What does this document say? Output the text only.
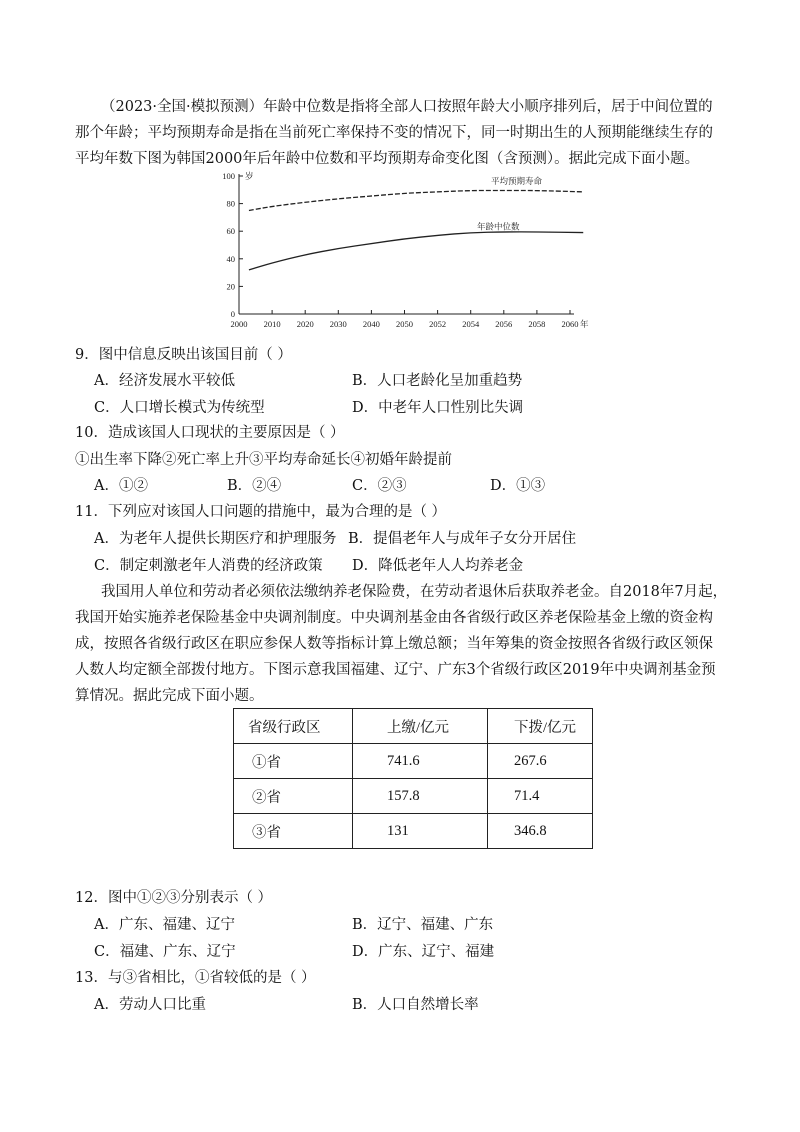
（2023·全国·模拟预测）年龄中位数是指将全部人口按照年龄大小顺序排列后，居于中间位置的
那个年龄；平均预期寿命是指在当前死亡率保持不变的情况下，同一时期出生的人预期能继续生存的
平均年数下图为韩国2000年后年龄中位数和平均预期寿命变化图（含预测）。据此完成下面小题。
0
20
40
60
80
100 岁
2000 2010 2020 2030 2040 2050 2052 2054 2056 2058 2060 年
平均预期寿命
年龄中位数
9．图中信息反映出该国目前（ ）
A．经济发展水平较低	B．人口老龄化呈加重趋势
C．人口增长模式为传统型	D．中老年人口性别比失调
10．造成该国人口现状的主要原因是（ ）
①出生率下降②死亡率上升③平均寿命延长④初婚年龄提前
A．①②	B．②④	C．②③	D．①③
11．下列应对该国人口问题的措施中，最为合理的是（ ）
A．为老年人提供长期医疗和护理服务 B．提倡老年人与成年子女分开居住
C．制定刺激老年人消费的经济政策 D．降低老年人人均养老金
我国用人单位和劳动者必须依法缴纳养老保险费，在劳动者退休后获取养老金。自2018年7月起，
我国开始实施养老保险基金中央调剂制度。中央调剂基金由各省级行政区养老保险基金上缴的资金构
成，按照各省级行政区在职应参保人数等指标计算上缴总额；当年筹集的资金按照各省级行政区领保
人数人均定额全部拨付地方。下图示意我国福建、辽宁、广东3个省级行政区2019年中央调剂基金预
算情况。据此完成下面小题。
省级行政区	上缴/亿元	下拨/亿元
①省	741.6	267.6
②省	157.8	71.4
③省	131	346.8
12．图中①②③分别表示（ ）
A．广东、福建、辽宁	B．辽宁、福建、广东
C．福建、广东、辽宁	D．广东、辽宁、福建
13．与③省相比，①省较低的是（ ）
A．劳动人口比重	B．人口自然增长率
